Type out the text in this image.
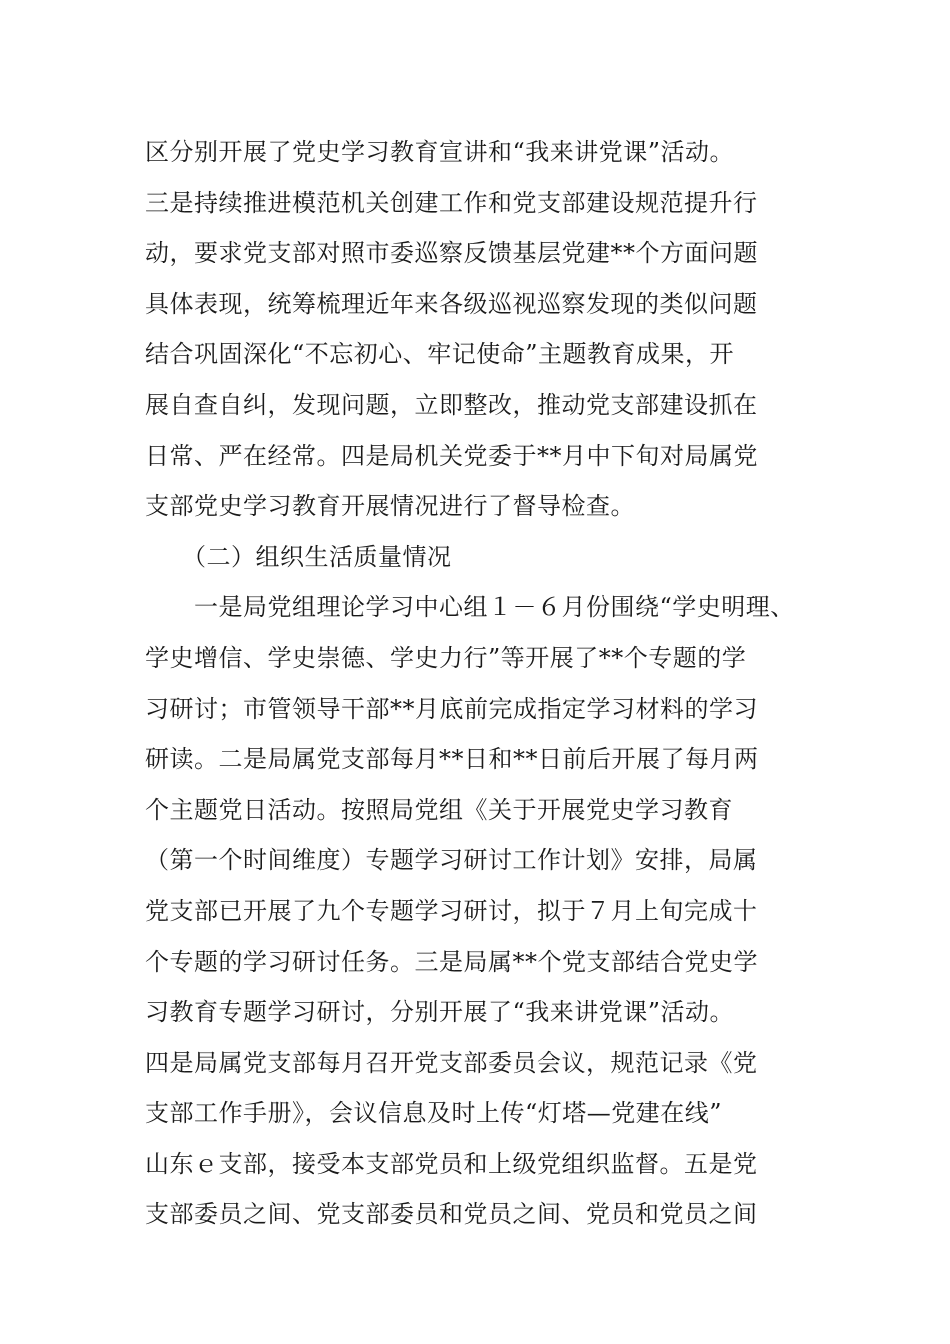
区分别开展了党史学习教育宣讲和“我来讲党课”活动。
三是持续推进模范机关创建工作和党支部建设规范提升行
动，要求党支部对照市委巡察反馈基层党建**个方面问题
具体表现，统筹梳理近年来各级巡视巡察发现的类似问题
结合巩固深化“不忘初心、牢记使命”主题教育成果，开
展自查自纠，发现问题，立即整改，推动党支部建设抓在
日常、严在经常。四是局机关党委于**月中下旬对局属党
支部党史学习教育开展情况进行了督导检查。
　　（二）组织生活质量情况
　　一是局党组理论学习中心组１－６月份围绕“学史明理、
学史增信、学史崇德、学史力行”等开展了**个专题的学
习研讨；市管领导干部**月底前完成指定学习材料的学习
研读。二是局属党支部每月**日和**日前后开展了每月两
个主题党日活动。按照局党组《关于开展党史学习教育
（第一个时间维度）专题学习研讨工作计划》安排，局属
党支部已开展了九个专题学习研讨，拟于７月上旬完成十
个专题的学习研讨任务。三是局属**个党支部结合党史学
习教育专题学习研讨，分别开展了“我来讲党课”活动。
四是局属党支部每月召开党支部委员会议，规范记录《党
支部工作手册》，会议信息及时上传“灯塔—党建在线”
山东ｅ支部，接受本支部党员和上级党组织监督。五是党
支部委员之间、党支部委员和党员之间、党员和党员之间
